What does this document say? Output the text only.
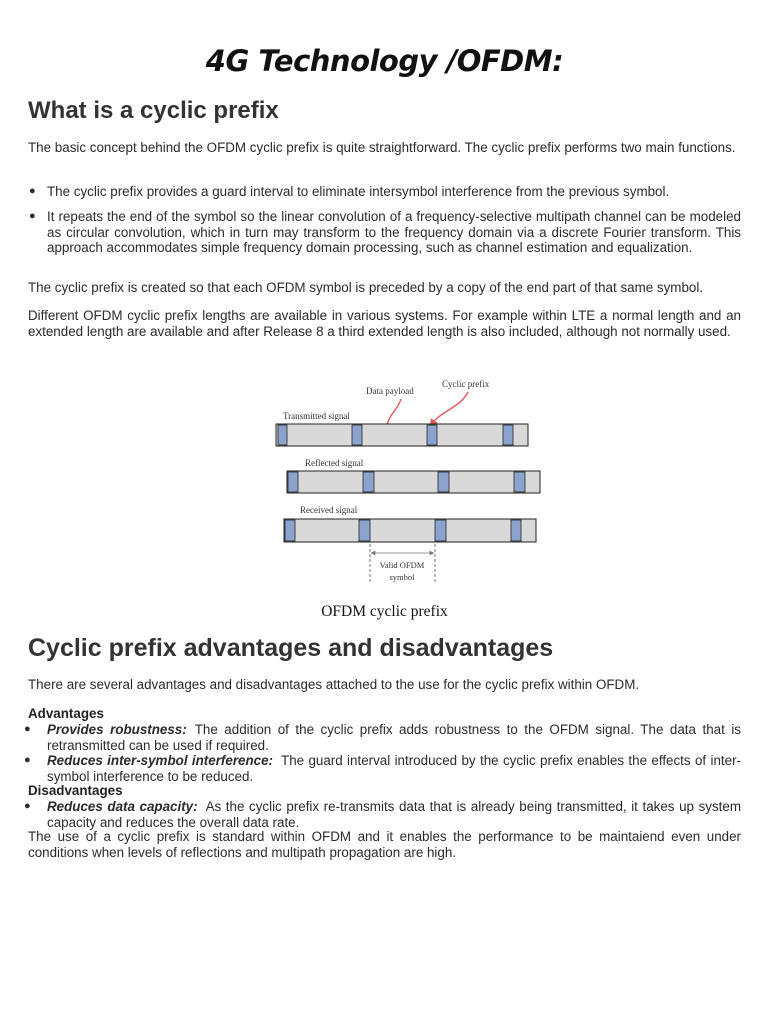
4G Technology /OFDM:
What is a cyclic prefix

The basic concept behind the OFDM cyclic prefix is quite straightforward. The cyclic prefix performs two main functions.

● The cyclic prefix provides a guard interval to eliminate intersymbol interference from the previous symbol.
● It repeats the end of the symbol so the linear convolution of a frequency-selective multipath channel can be modeled as circular convolution, which in turn may transform to the frequency domain via a discrete Fourier transform. This approach accommodates simple frequency domain processing, such as channel estimation and equalization.

The cyclic prefix is created so that each OFDM symbol is preceded by a copy of the end part of that same symbol.

Different OFDM cyclic prefix lengths are available in various systems. For example within LTE a normal length and an extended length are available and after Release 8 a third extended length is also included, although not normally used.

Data payload
Cyclic prefix
Transmitted signal
Reflected signal
Received signal
Valid OFDM
symbol
OFDM cyclic prefix
Cyclic prefix advantages and disadvantages

There are several advantages and disadvantages attached to the use for the cyclic prefix within OFDM.

Advantages
● Provides robustness: The addition of the cyclic prefix adds robustness to the OFDM signal. The data that is retransmitted can be used if required.
● Reduces inter-symbol interference: The guard interval introduced by the cyclic prefix enables the effects of inter-symbol interference to be reduced.
Disadvantages
● Reduces data capacity: As the cyclic prefix re-transmits data that is already being transmitted, it takes up system capacity and reduces the overall data rate.

The use of a cyclic prefix is standard within OFDM and it enables the performance to be maintaiend even under conditions when levels of reflections and multipath propagation are high.
